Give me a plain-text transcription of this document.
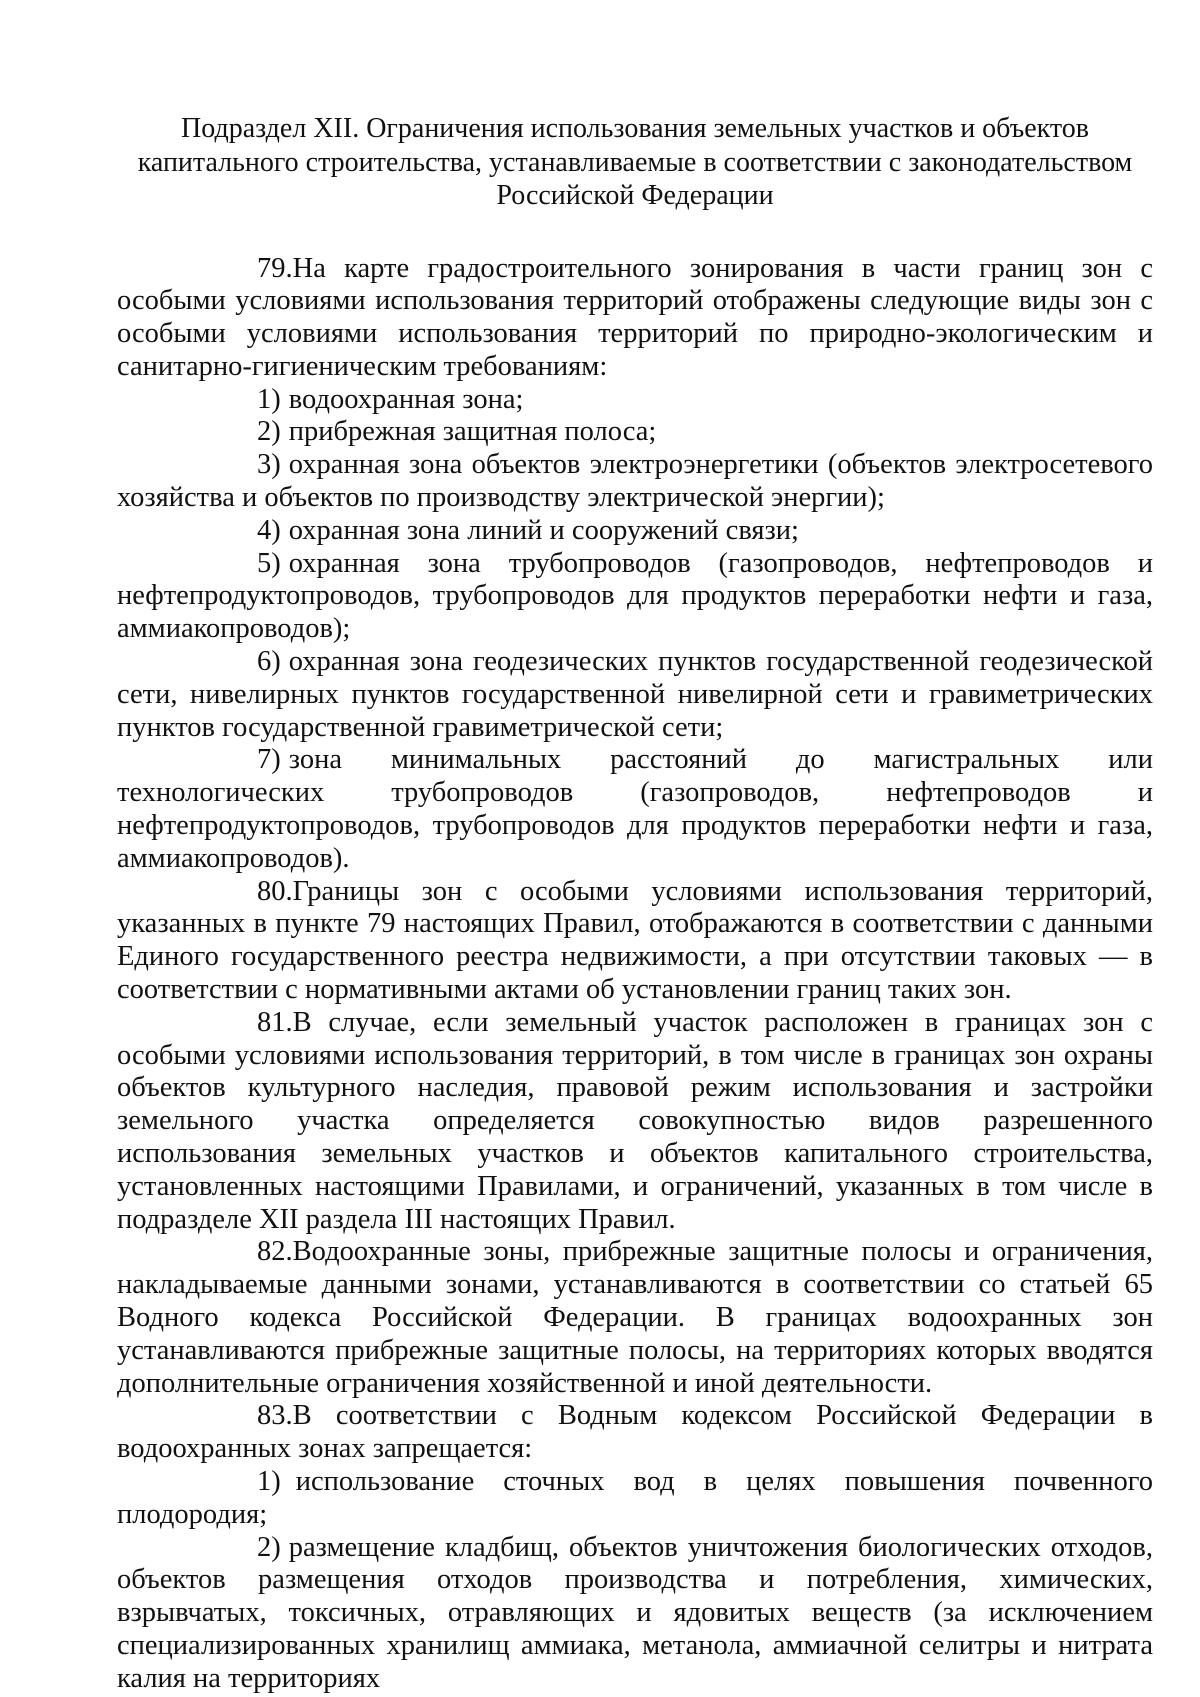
Подраздел XII. Ограничения использования земельных участков и объектов
капитального строительства, устанавливаемые в соответствии с законодательством
Российской Федерации

79.На карте градостроительного зонирования в части границ зон с особыми условиями использования территорий отображены следующие виды зон с особыми условиями использования территорий по природно-экологическим и санитарно-гигиеническим требованиям:

1) водоохранная зона;

2) прибрежная защитная полоса;

3) охранная зона объектов электроэнергетики (объектов электросетевого хозяйства и объектов по производству электрической энергии);

4) охранная зона линий и сооружений связи;

5) охранная зона трубопроводов (газопроводов, нефтепроводов и нефтепродуктопроводов, трубопроводов для продуктов переработки нефти и газа, аммиакопроводов);

6) охранная зона геодезических пунктов государственной геодезической сети, нивелирных пунктов государственной нивелирной сети и гравиметрических пунктов государственной гравиметрической сети;

7) зона минимальных расстояний до магистральных или технологических трубопроводов (газопроводов, нефтепроводов и нефтепродуктопроводов, трубопроводов для продуктов переработки нефти и газа, аммиакопроводов).

80.Границы зон с особыми условиями использования территорий, указанных в пункте 79 настоящих Правил, отображаются в соответствии с данными Единого государственного реестра недвижимости, а при отсутствии таковых — в соответствии с нормативными актами об установлении границ таких зон.

81.В случае, если земельный участок расположен в границах зон с особыми условиями использования территорий, в том числе в границах зон охраны объектов культурного наследия, правовой режим использования и застройки земельного участка определяется совокупностью видов разрешенного использования земельных участков и объектов капитального строительства, установленных настоящими Правилами, и ограничений, указанных в том числе в подразделе XII раздела III настоящих Правил.

82.Водоохранные зоны, прибрежные защитные полосы и ограничения, накладываемые данными зонами, устанавливаются в соответствии со статьей 65 Водного кодекса Российской Федерации. В границах водоохранных зон устанавливаются прибрежные защитные полосы, на территориях которых вводятся дополнительные ограничения хозяйственной и иной деятельности.

83.В соответствии с Водным кодексом Российской Федерации в водоохранных зонах запрещается:

1) использование сточных вод в целях повышения почвенного плодородия;

2) размещение кладбищ, объектов уничтожения биологических отходов, объектов размещения отходов производства и потребления, химических, взрывчатых, токсичных, отравляющих и ядовитых веществ (за исключением специализированных хранилищ аммиака, метанола, аммиачной селитры и нитрата калия на территориях
